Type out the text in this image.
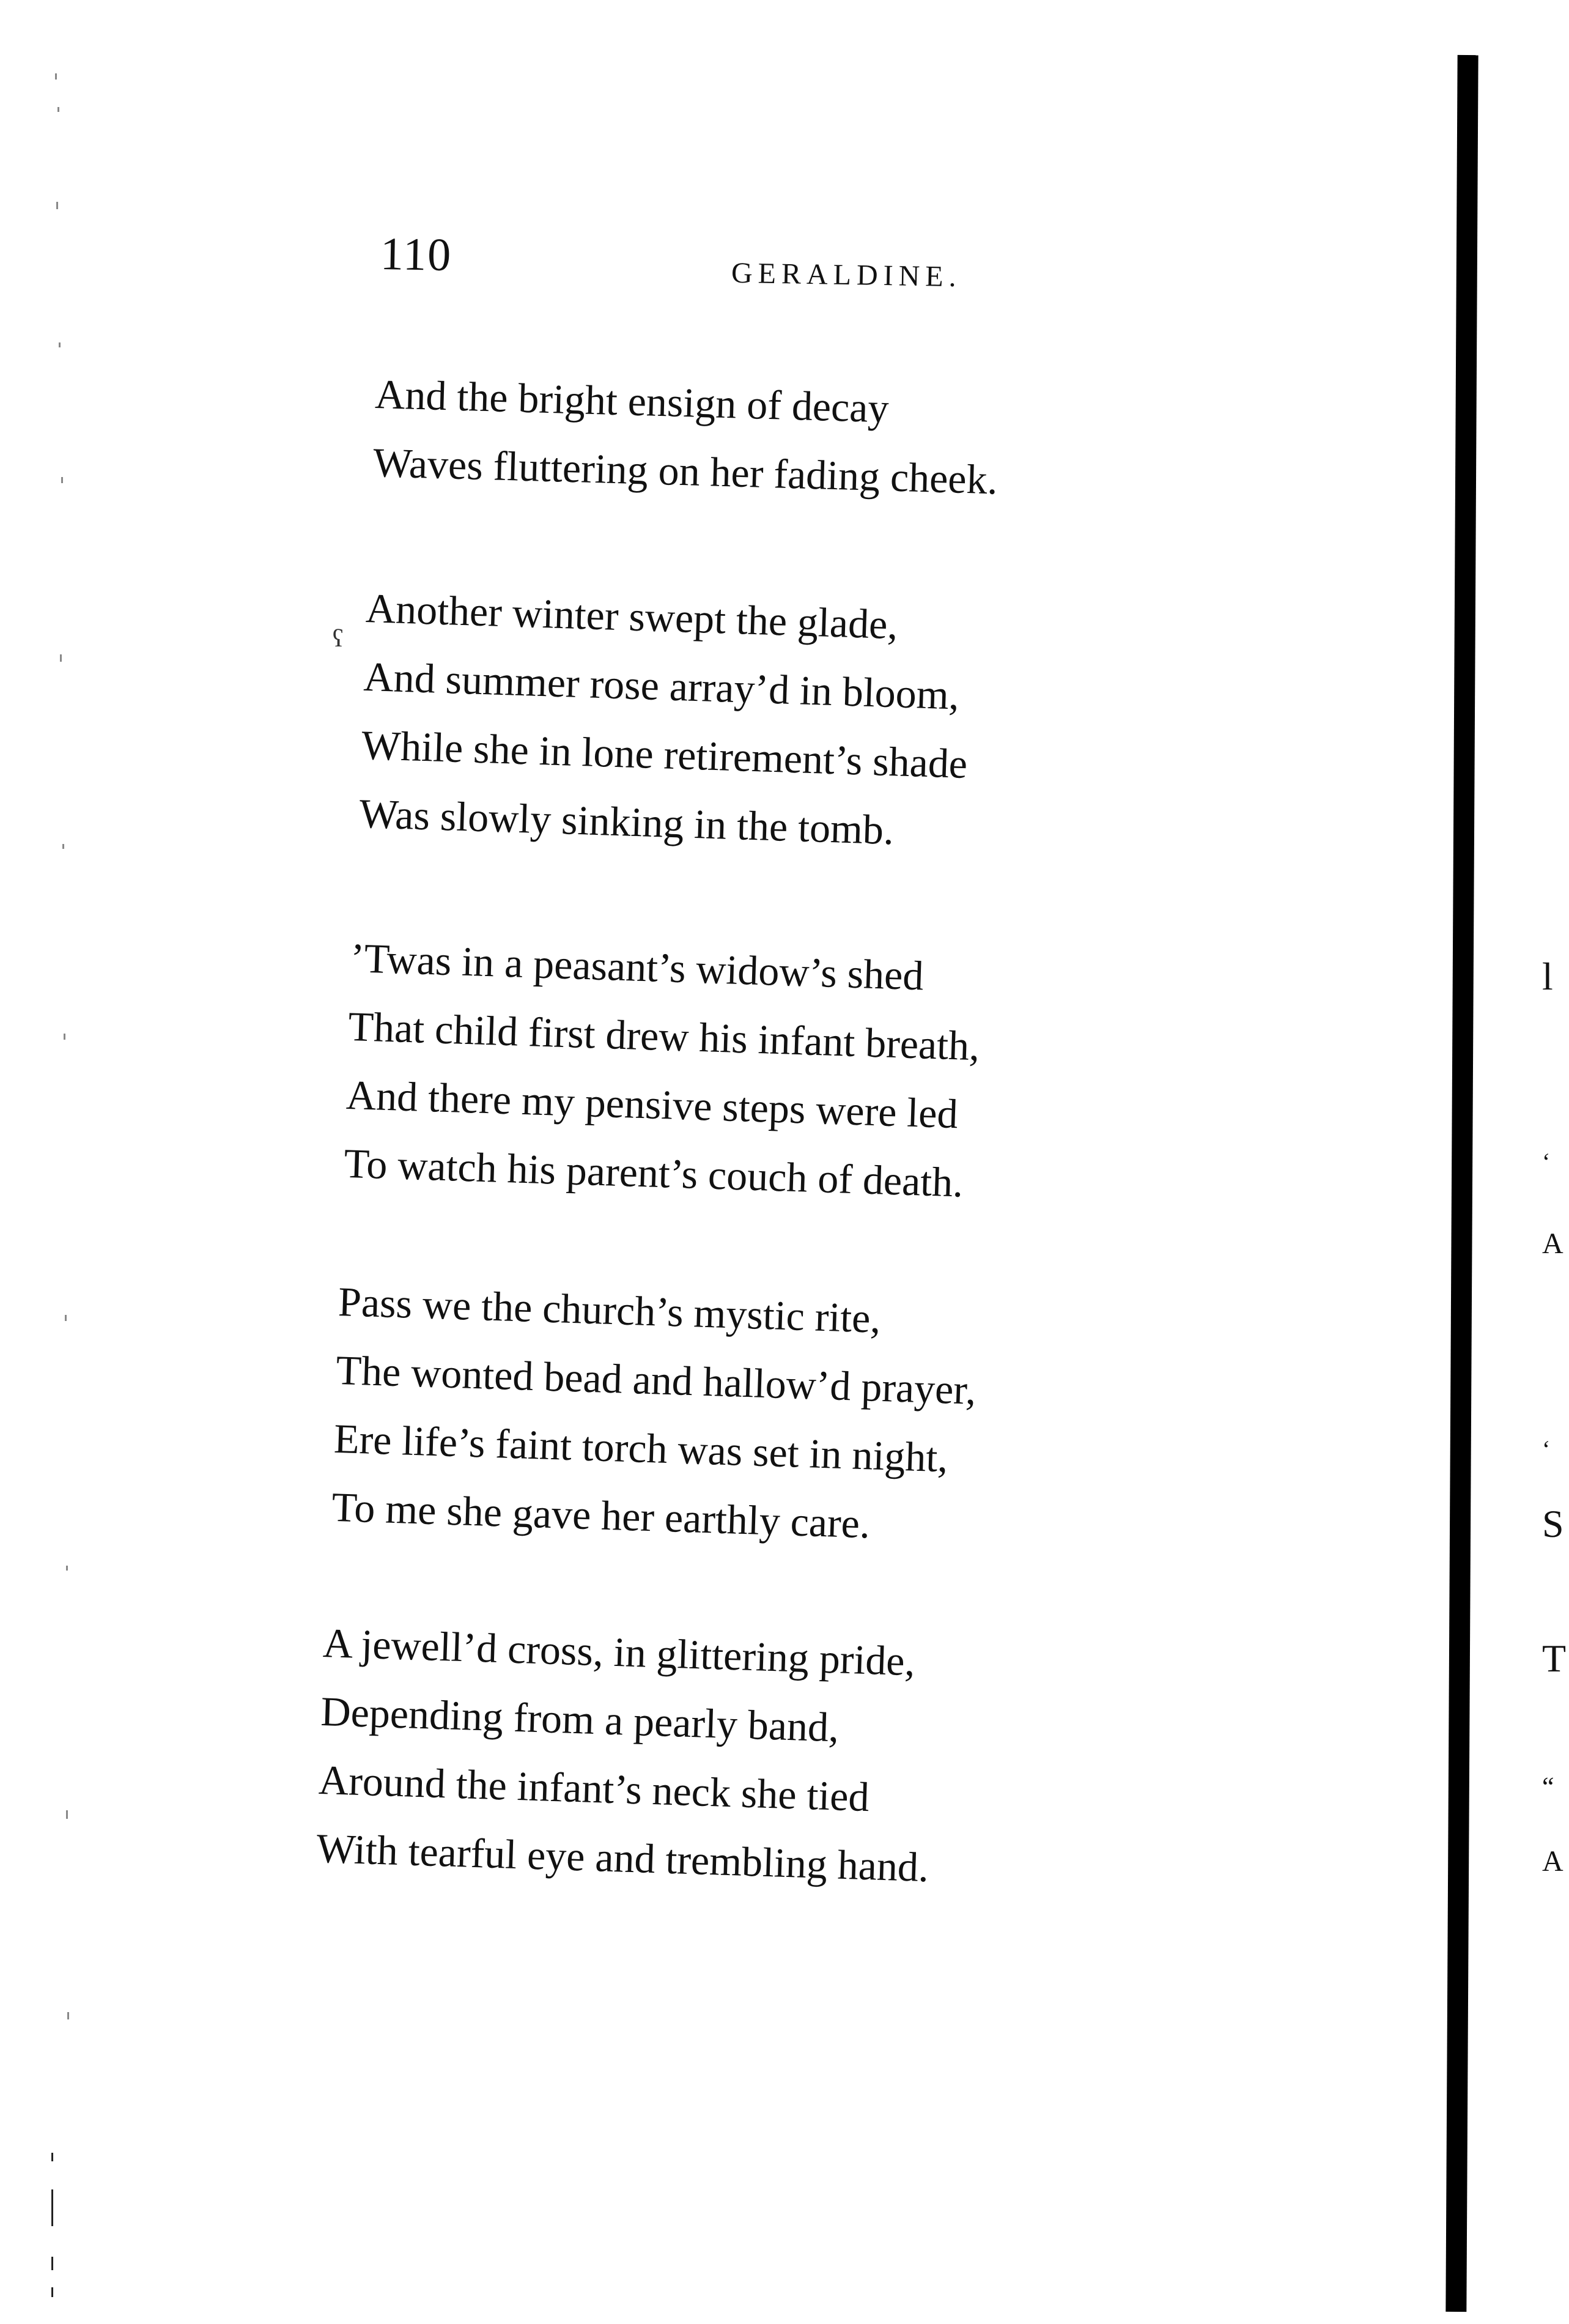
110	GERALDINE.
ʕ
And the bright ensign of decay
Waves fluttering on her fading cheek.
Another winter swept the glade,
And summer rose array’d in bloom,
While she in lone retirement’s shade
Was slowly sinking in the tomb.
’Twas in a peasant’s widow’s shed
That child first drew his infant breath,
And there my pensive steps were led
To watch his parent’s couch of death.
Pass we the church’s mystic rite,
The wonted bead and hallow’d prayer,
Ere life’s faint torch was set in night,
To me she gave her earthly care.
A jewell’d cross, in glittering pride,
Depending from a pearly band,
Around the infant’s neck she tied
With tearful eye and trembling hand.
l
‘
A
‘
S
T
“
A
